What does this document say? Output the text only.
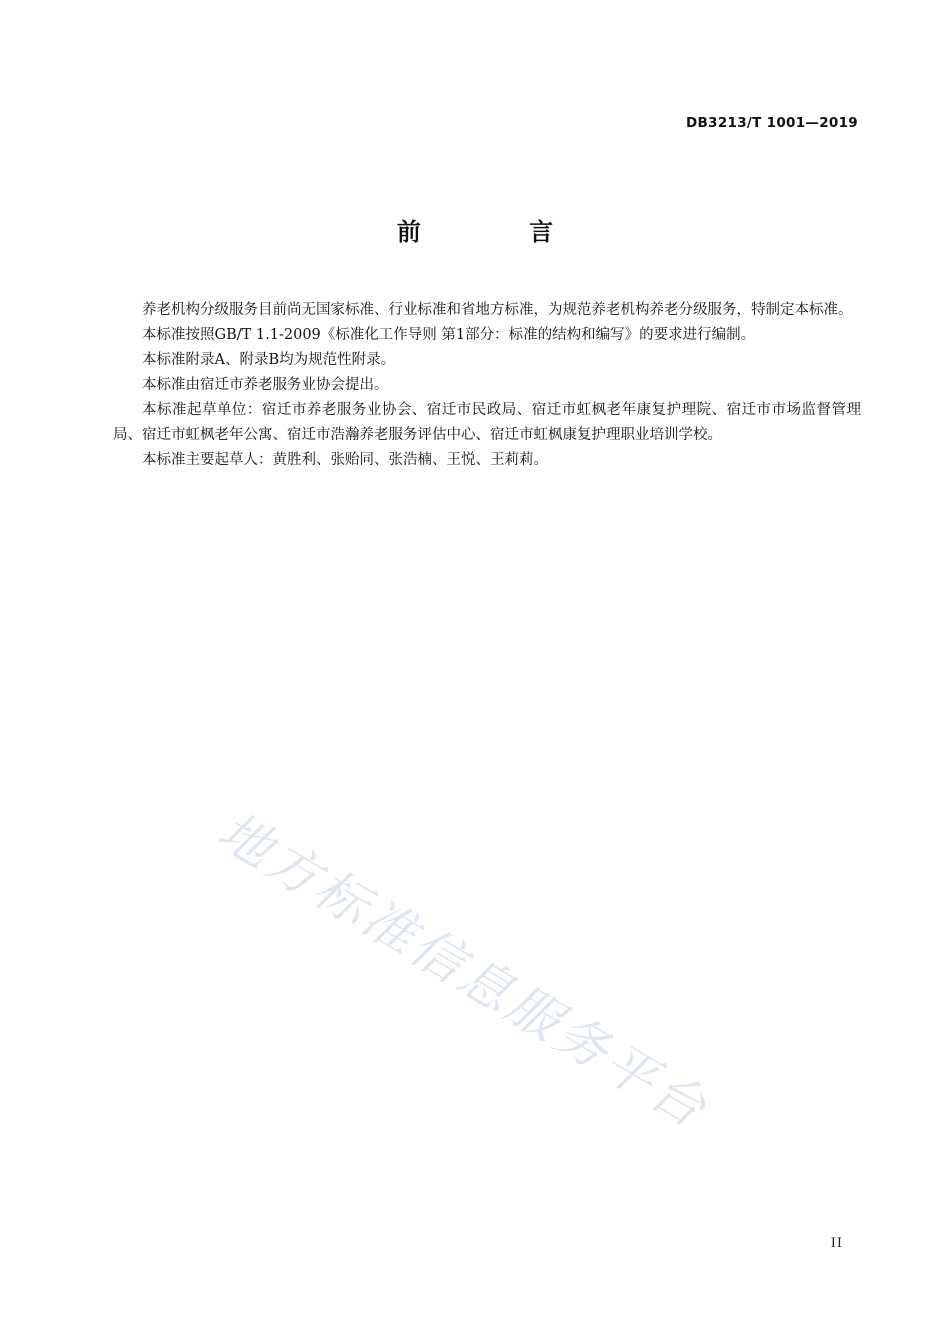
DB3213/T 1001—2019
前 言

养老机构分级服务目前尚无国家标准、行业标准和省地方标准，为规范养老机构养老分级服务，特制定本标准。

本标准按照GB/T 1.1-2009《标准化工作导则 第1部分：标准的结构和编写》的要求进行编制。

本标准附录A、附录B均为规范性附录。

本标准由宿迁市养老服务业协会提出。

本标准起草单位：宿迁市养老服务业协会、宿迁市民政局、宿迁市虹枫老年康复护理院、宿迁市市场监督管理局、宿迁市虹枫老年公寓、宿迁市浩瀚养老服务评估中心、宿迁市虹枫康复护理职业培训学校。

本标准主要起草人：黄胜利、张贻同、张浩楠、王悦、王莉莉。

地方标准信息服务平台
II
